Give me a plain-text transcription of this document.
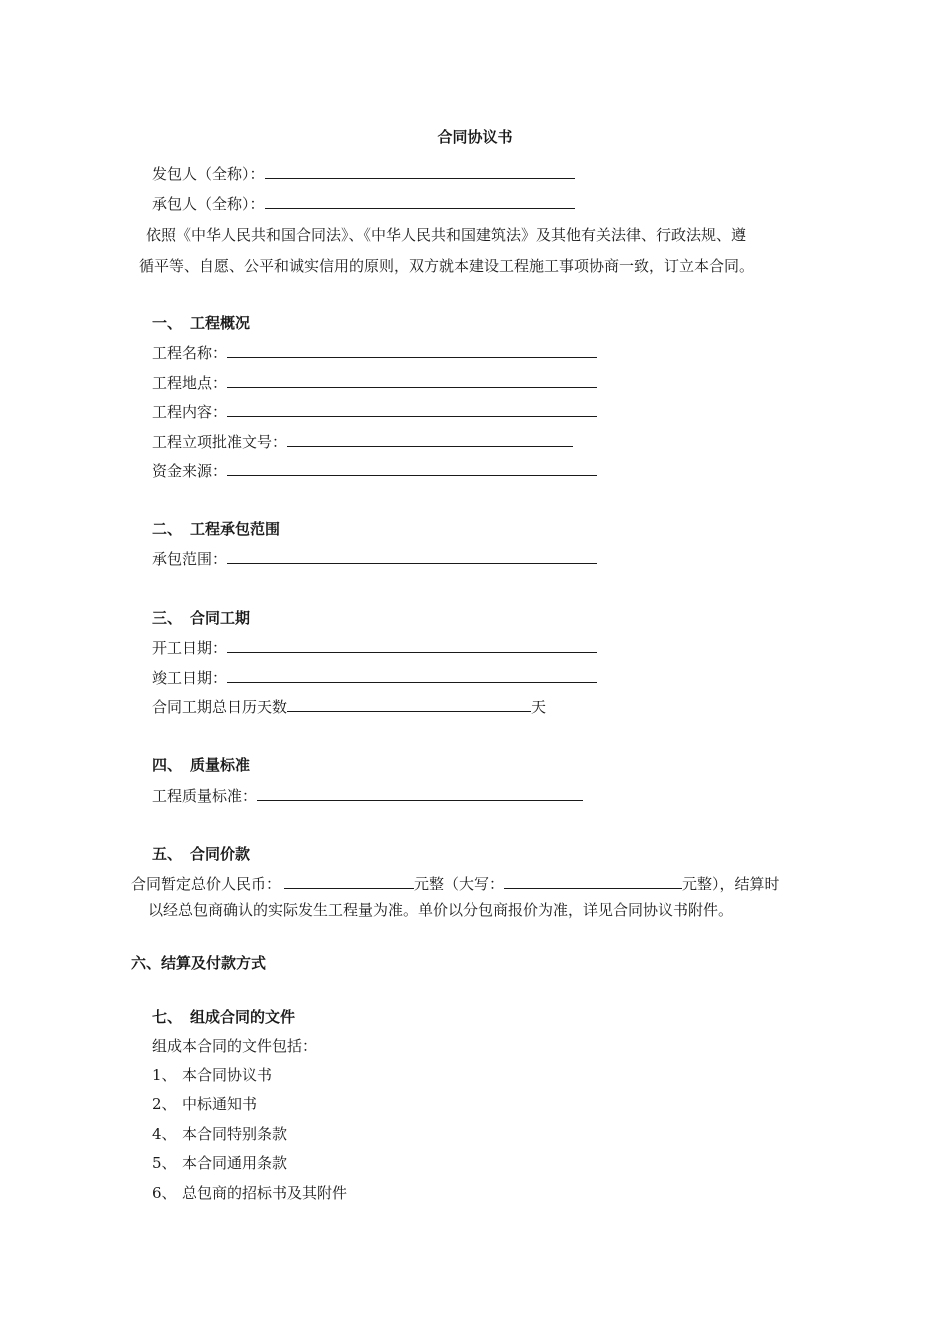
合同协议书
发包人（全称）：
承包人（全称）：
依照《中华人民共和国合同法》、《中华人民共和国建筑法》及其他有关法律、行政法规、遵
循平等、自愿、公平和诚实信用的原则，双方就本建设工程施工事项协商一致，订立本合同。
一、 工程概况
工程名称：
工程地点：
工程内容：
工程立项批准文号：
资金来源：
二、 工程承包范围
承包范围：
三、 合同工期
开工日期：
竣工日期：
合同工期总日历天数	天
四、 质量标准
工程质量标准：
五、 合同价款
合同暂定总价人民币：	元整（大写：	元整），结算时
以经总包商确认的实际发生工程量为准。单价以分包商报价为准，详见合同协议书附件。
六、结算及付款方式
七、 组成合同的文件
组成本合同的文件包括：
1、 本合同协议书
2、 中标通知书
4、 本合同特别条款
5、 本合同通用条款
6、 总包商的招标书及其附件
